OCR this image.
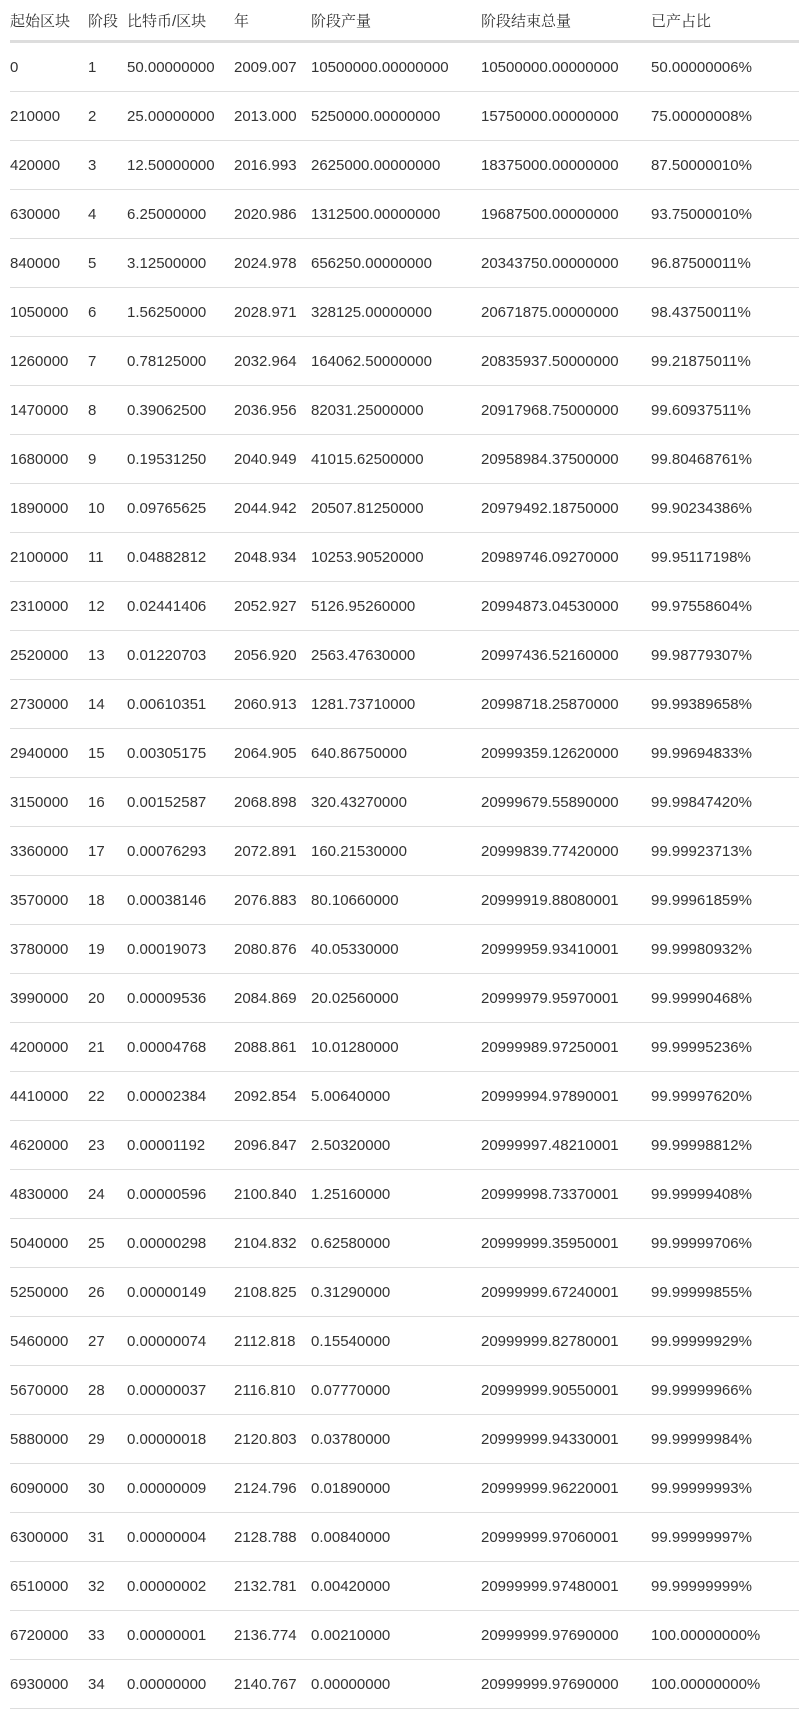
起始区块	阶段	比特币/区块	年	阶段产量	阶段结束总量	已产占比
0	1	50.00000000	2009.007	10500000.00000000	10500000.00000000	50.00000006%
210000	2	25.00000000	2013.000	5250000.00000000	15750000.00000000	75.00000008%
420000	3	12.50000000	2016.993	2625000.00000000	18375000.00000000	87.50000010%
630000	4	6.25000000	2020.986	1312500.00000000	19687500.00000000	93.75000010%
840000	5	3.12500000	2024.978	656250.00000000	20343750.00000000	96.87500011%
1050000	6	1.56250000	2028.971	328125.00000000	20671875.00000000	98.43750011%
1260000	7	0.78125000	2032.964	164062.50000000	20835937.50000000	99.21875011%
1470000	8	0.39062500	2036.956	82031.25000000	20917968.75000000	99.60937511%
1680000	9	0.19531250	2040.949	41015.62500000	20958984.37500000	99.80468761%
1890000	10	0.09765625	2044.942	20507.81250000	20979492.18750000	99.90234386%
2100000	11	0.04882812	2048.934	10253.90520000	20989746.09270000	99.95117198%
2310000	12	0.02441406	2052.927	5126.95260000	20994873.04530000	99.97558604%
2520000	13	0.01220703	2056.920	2563.47630000	20997436.52160000	99.98779307%
2730000	14	0.00610351	2060.913	1281.73710000	20998718.25870000	99.99389658%
2940000	15	0.00305175	2064.905	640.86750000	20999359.12620000	99.99694833%
3150000	16	0.00152587	2068.898	320.43270000	20999679.55890000	99.99847420%
3360000	17	0.00076293	2072.891	160.21530000	20999839.77420000	99.99923713%
3570000	18	0.00038146	2076.883	80.10660000	20999919.88080001	99.99961859%
3780000	19	0.00019073	2080.876	40.05330000	20999959.93410001	99.99980932%
3990000	20	0.00009536	2084.869	20.02560000	20999979.95970001	99.99990468%
4200000	21	0.00004768	2088.861	10.01280000	20999989.97250001	99.99995236%
4410000	22	0.00002384	2092.854	5.00640000	20999994.97890001	99.99997620%
4620000	23	0.00001192	2096.847	2.50320000	20999997.48210001	99.99998812%
4830000	24	0.00000596	2100.840	1.25160000	20999998.73370001	99.99999408%
5040000	25	0.00000298	2104.832	0.62580000	20999999.35950001	99.99999706%
5250000	26	0.00000149	2108.825	0.31290000	20999999.67240001	99.99999855%
5460000	27	0.00000074	2112.818	0.15540000	20999999.82780001	99.99999929%
5670000	28	0.00000037	2116.810	0.07770000	20999999.90550001	99.99999966%
5880000	29	0.00000018	2120.803	0.03780000	20999999.94330001	99.99999984%
6090000	30	0.00000009	2124.796	0.01890000	20999999.96220001	99.99999993%
6300000	31	0.00000004	2128.788	0.00840000	20999999.97060001	99.99999997%
6510000	32	0.00000002	2132.781	0.00420000	20999999.97480001	99.99999999%
6720000	33	0.00000001	2136.774	0.00210000	20999999.97690000	100.00000000%
6930000	34	0.00000000	2140.767	0.00000000	20999999.97690000	100.00000000%
